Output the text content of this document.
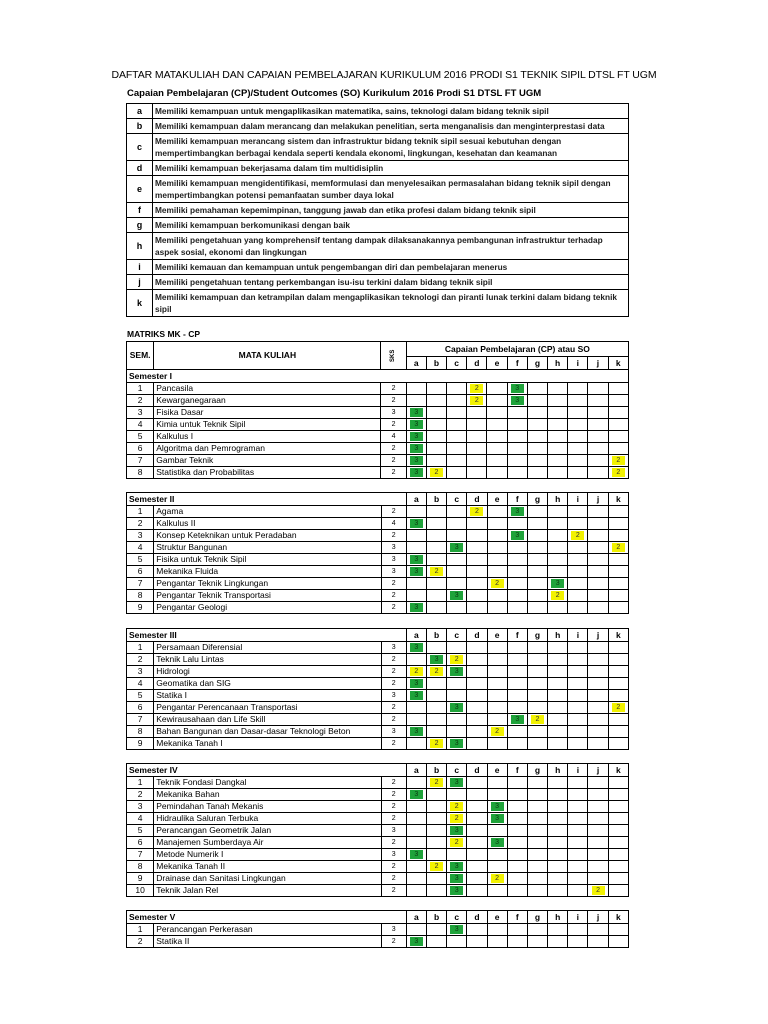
DAFTAR MATAKULIAH DAN CAPAIAN PEMBELAJARAN KURIKULUM 2016 PRODI S1 TEKNIK SIPIL DTSL FT UGM
Capaian Pembelajaran (CP)/Student Outcomes (SO) Kurikulum 2016 Prodi S1 DTSL FT UGM
a	Memiliki kemampuan untuk mengaplikasikan matematika, sains, teknologi dalam bidang teknik sipil
b	Memiliki kemampuan dalam merancang dan melakukan penelitian, serta menganalisis dan menginterprestasi data
c	Memiliki kemampuan merancang sistem dan infrastruktur bidang teknik sipil sesuai kebutuhan dengan mempertimbangkan berbagai kendala seperti kendala ekonomi, lingkungan, kesehatan dan keamanan
d	Memiliki kemampuan bekerjasama dalam tim multidisiplin
e	Memiliki kemampuan mengidentifikasi, memformulasi dan menyelesaikan permasalahan bidang teknik sipil dengan mempertimbangkan potensi pemanfaatan sumber daya lokal
f	Memiliki pemahaman kepemimpinan, tanggung jawab dan etika profesi dalam bidang teknik sipil
g	Memiliki kemampuan berkomunikasi dengan baik
h	Memiliki pengetahuan yang komprehensif tentang dampak dilaksanakannya pembangunan infrastruktur terhadap aspek sosial, ekonomi dan lingkungan
i	Memiliki kemauan dan kemampuan untuk pengembangan diri dan pembelajaran menerus
j	Memiliki pengetahuan tentang perkembangan isu-isu terkini dalam bidang teknik sipil
k	Memiliki kemampuan dan ketrampilan dalam mengaplikasikan teknologi dan piranti lunak terkini dalam bidang teknik sipil
MATRIKS MK - CP
SEM.	MATA KULIAH	SKS	Capaian Pembelajaran (CP) atau SO										
			a	b	c	d	e	f	g	h	i	j	k
Semester I													
1	Pancasila	2				2		3					
2	Kewarganegaraan	2				2		3					
3	Fisika Dasar	3	3										
4	Kimia untuk Teknik Sipil	2	3										
5	Kalkulus I	4	3										
6	Algoritma dan Pemrograman	2	3										
7	Gambar Teknik	2	3										2
8	Statistika dan Probabilitas	2	3	2									2
Semester II			a	b	c	d	e	f	g	h	i	j	k
1	Agama	2				2		3					
2	Kalkulus II	4	3										
3	Konsep Keteknikan untuk Peradaban	2						3			2		
4	Struktur Bangunan	3			3								2
5	Fisika untuk Teknik Sipil	3	3										
6	Mekanika Fluida	3	3	2									
7	Pengantar Teknik Lingkungan	2					2			3			
8	Pengantar Teknik Transportasi	2			3					2			
9	Pengantar Geologi	2	3										
Semester III			a	b	c	d	e	f	g	h	i	j	k
1	Persamaan Diferensial	3	3										
2	Teknik Lalu Lintas	2		3	2								
3	Hidrologi	2	2	2	3								
4	Geomatika dan SIG	2	3										
5	Statika I	3	3										
6	Pengantar Perencanaan Transportasi	2			3								2
7	Kewirausahaan dan Life Skill	2						3	2				
8	Bahan Bangunan dan Dasar-dasar Teknologi Beton	3	3				2						
9	Mekanika Tanah I	2		2	3								
Semester IV			a	b	c	d	e	f	g	h	i	j	k
1	Teknik Fondasi Dangkal	2		2	3								
2	Mekanika Bahan	2	3										
3	Pemindahan Tanah Mekanis	2			2		3						
4	Hidraulika Saluran Terbuka	2			2		3						
5	Perancangan Geometrik Jalan	3			3								
6	Manajemen Sumberdaya Air	2			2		3						
7	Metode Numerik I	3	3										
8	Mekanika Tanah II	2		2	3								
9	Drainase dan Sanitasi Lingkungan	2			3		2						
10	Teknik Jalan Rel	2			3							2	
Semester V			a	b	c	d	e	f	g	h	i	j	k
1	Perancangan Perkerasan	3			3								
2	Statika II	2	3										
